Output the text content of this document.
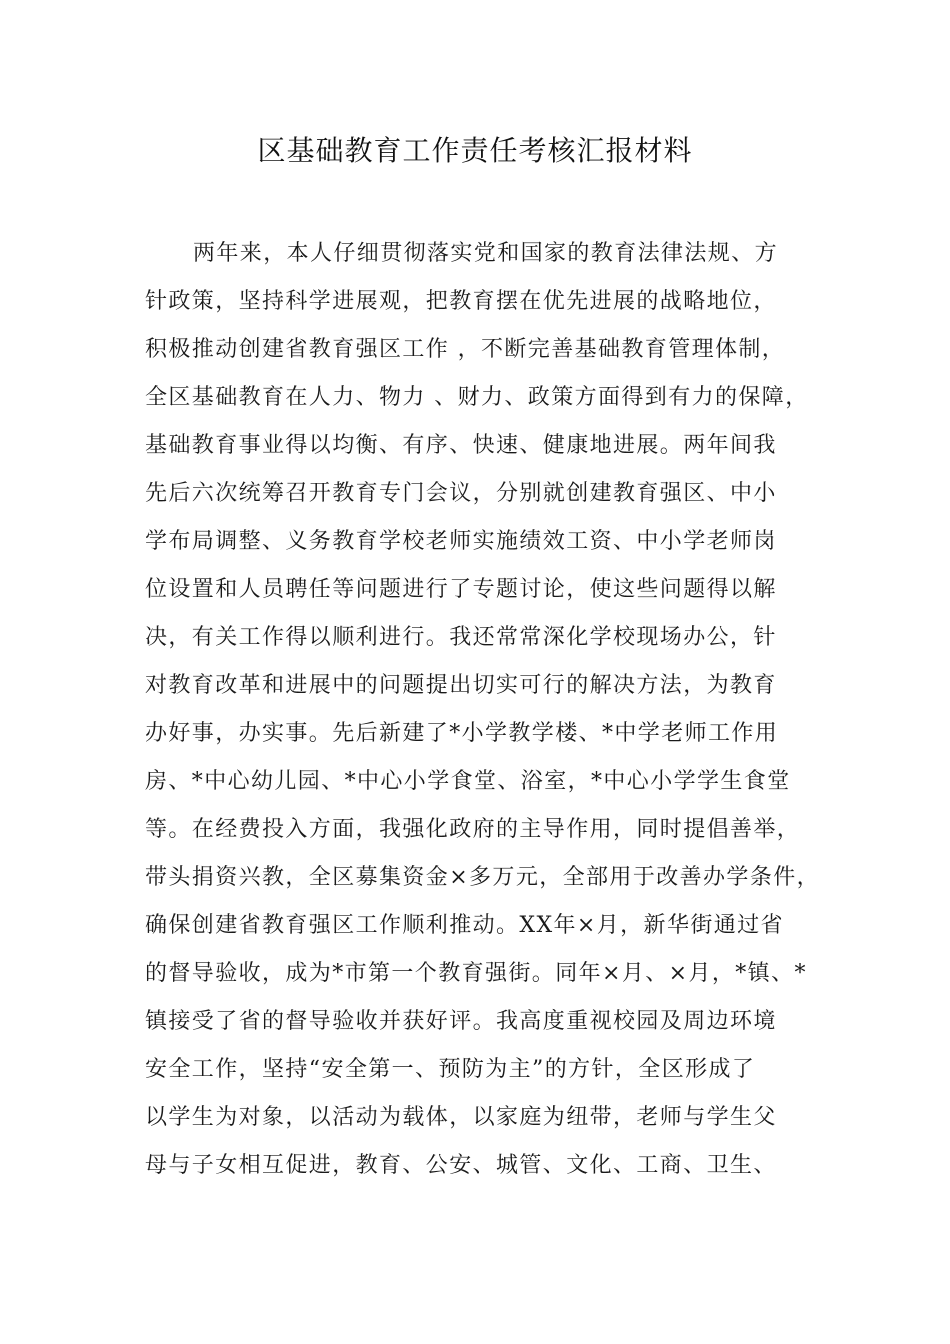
区基础教育工作责任考核汇报材料
两年来，本人仔细贯彻落实党和国家的教育法律法规、方
针政策，坚持科学进展观，把教育摆在优先进展的战略地位，
积极推动创建省教育强区工作 ，不断完善基础教育管理体制，
全区基础教育在人力、物力 、财力、政策方面得到有力的保障，
基础教育事业得以均衡、有序、快速、健康地进展。两年间我
先后六次统筹召开教育专门会议，分别就创建教育强区、中小
学布局调整、义务教育学校老师实施绩效工资、中小学老师岗
位设置和人员聘任等问题进行了专题讨论，使这些问题得以解
决，有关工作得以顺利进行。我还常常深化学校现场办公，针
对教育改革和进展中的问题提出切实可行的解决方法，为教育
办好事，办实事。先后新建了*小学教学楼、*中学老师工作用
房、*中心幼儿园、*中心小学食堂、浴室，*中心小学学生食堂
等。在经费投入方面，我强化政府的主导作用，同时提倡善举，
带头捐资兴教，全区募集资金×多万元，全部用于改善办学条件，
确保创建省教育强区工作顺利推动。XX年×月，新华街通过省
的督导验收，成为*市第一个教育强街。同年×月、×月，*镇、*
镇接受了省的督导验收并获好评。我高度重视校园及周边环境
安全工作，坚持“安全第一、预防为主”的方针，全区形成了
以学生为对象，以活动为载体，以家庭为纽带，老师与学生父
母与子女相互促进，教育、公安、城管、文化、工商、卫生、
